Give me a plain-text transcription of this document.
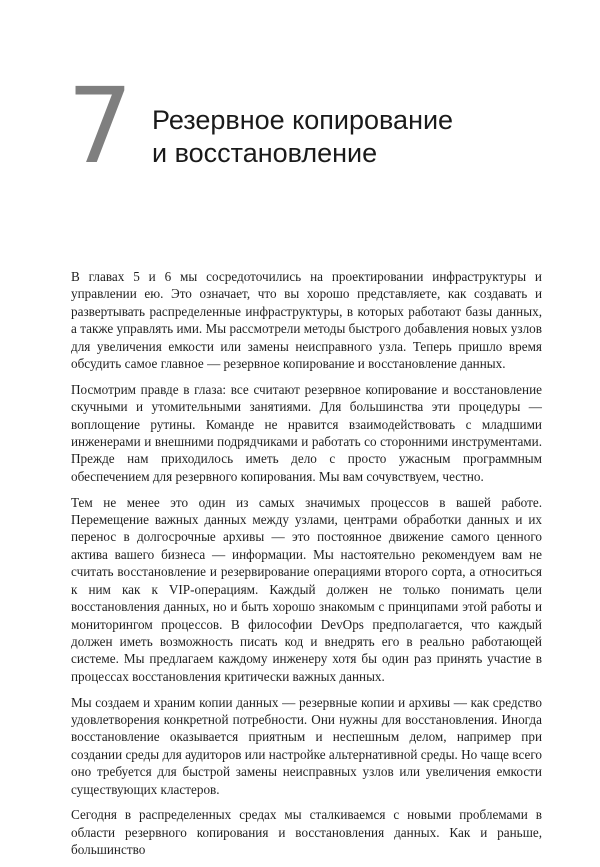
7 Резервное копирование
и восстановление

В главах 5 и 6 мы сосредоточились на проектировании инфраструктуры и управлении ею. Это означает, что вы хорошо представляете, как создавать и развертывать распределенные инфраструктуры, в которых работают базы данных, а также управлять ими. Мы рассмотрели методы быстрого добавления новых узлов для увеличения емкости или замены неисправного узла. Теперь пришло время обсудить самое главное — резервное копирование и восстановление данных.

Посмотрим правде в глаза: все считают резервное копирование и восстановление скучными и утомительными занятиями. Для большинства эти процедуры — воплощение рутины. Команде не нравится взаимодействовать с младшими инженерами и внешними подрядчиками и работать со сторонними инструментами. Прежде нам приходилось иметь дело с просто ужасным программным обеспечением для резервного копирования. Мы вам сочувствуем, честно.

Тем не менее это один из самых значимых процессов в вашей работе. Перемещение важных данных между узлами, центрами обработки данных и их перенос в долгосрочные архивы — это постоянное движение самого ценного актива вашего бизнеса — информации. Мы настоятельно рекомендуем вам не считать восстановление и резервирование операциями второго сорта, а относиться к ним как к VIP-операциям. Каждый должен не только понимать цели восстановления данных, но и быть хорошо знакомым с принципами этой работы и мониторингом процессов. В философии DevOps предполагается, что каждый должен иметь возможность писать код и внедрять его в реально работающей системе. Мы предлагаем каждому инженеру хотя бы один раз принять участие в процессах восстановления критически важных данных.

Мы создаем и храним копии данных — резервные копии и архивы — как средство удовлетворения конкретной потребности. Они нужны для восстановления. Иногда восстановление оказывается приятным и неспешным делом, например при создании среды для аудиторов или настройке альтернативной среды. Но чаще всего оно требуется для быстрой замены неисправных узлов или увеличения емкости существующих кластеров.

Сегодня в распределенных средах мы сталкиваемся с новыми проблемами в области резервного копирования и восстановления данных. Как и раньше, большинство
